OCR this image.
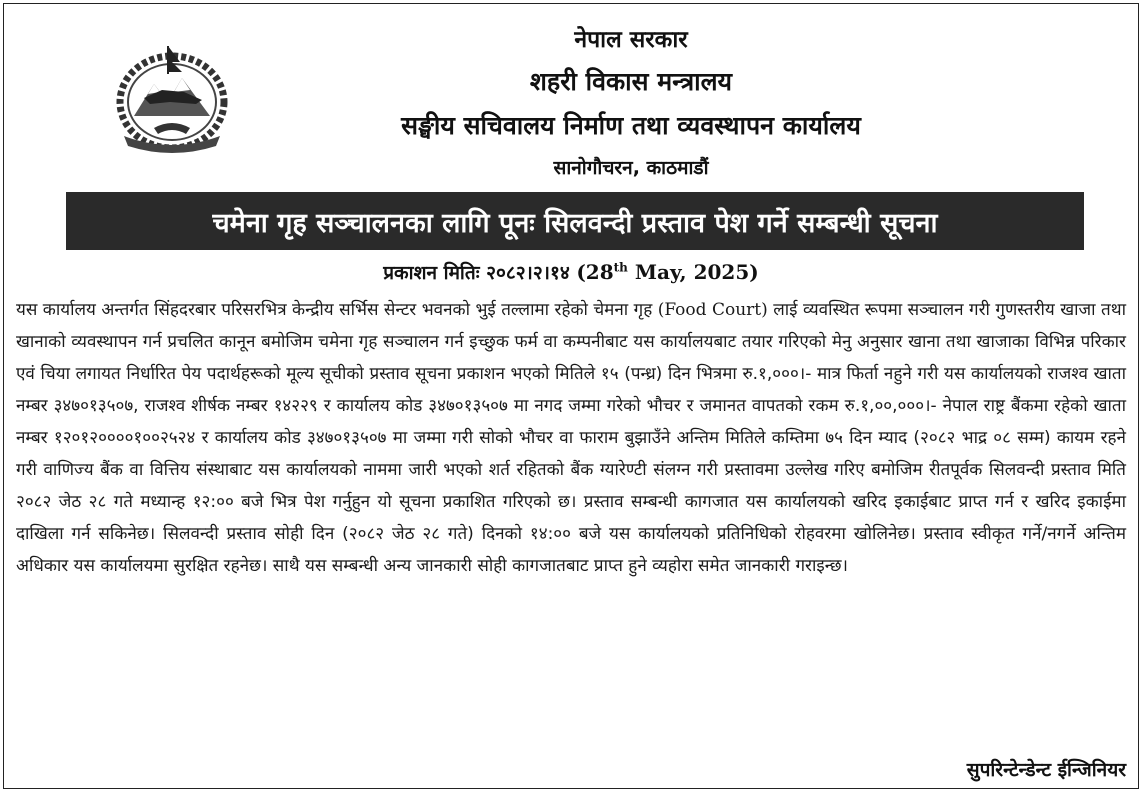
नेपाल सरकार
शहरी विकास मन्त्रालय
सङ्घीय सचिवालय निर्माण तथा व्यवस्थापन कार्यालय
सानोगौचरन, काठमाडौं
चमेना गृह सञ्चालनका लागि पूनः सिलवन्दी प्रस्ताव पेश गर्ने सम्बन्धी सूचना
प्रकाशन मितिः २०८२।२।१४ (28th May, 2025)
यस कार्यालय अन्तर्गत सिंहदरबार परिसरभित्र केन्द्रीय सर्भिस सेन्टर भवनको भुई तल्लामा रहेको चेमना गृह (Food Court) लाई व्यवस्थित रूपमा सञ्चालन गरी गुणस्तरीय खाजा तथा खानाको व्यवस्थापन गर्न प्रचलित कानून बमोजिम चमेना गृह सञ्चालन गर्न इच्छुक फर्म वा कम्पनीबाट यस कार्यालयबाट तयार गरिएको मेनु अनुसार खाना तथा खाजाका विभिन्न परिकार एवं चिया लगायत निर्धारित पेय पदार्थहरूको मूल्य सूचीको प्रस्ताव सूचना प्रकाशन भएको मितिले १५ (पन्ध्र) दिन भित्रमा रु.१,०००।- मात्र फिर्ता नहुने गरी यस कार्यालयको राजश्व खाता नम्बर ३४७०१३५०७, राजश्व शीर्षक नम्बर १४२२९ र कार्यालय कोड ३४७०१३५०७ मा नगद जम्मा गरेको भौचर र जमानत वापतको रकम रु.१,००,०००।- नेपाल राष्ट्र बैंकमा रहेको खाता नम्बर १२०१२००००१००२५२४ र कार्यालय कोड ३४७०१३५०७ मा जम्मा गरी सोको भौचर वा फाराम बुझाउँने अन्तिम मितिले कम्तिमा ७५ दिन म्याद (२०८२ भाद्र ०८ सम्म) कायम रहने गरी वाणिज्य बैंक वा वित्तिय संस्थाबाट यस कार्यालयको नाममा जारी भएको शर्त रहितको बैंक ग्यारेण्टी संलग्न गरी प्रस्तावमा उल्लेख गरिए बमोजिम रीतपूर्वक सिलवन्दी प्रस्ताव मिति २०८२ जेठ २८ गते मध्यान्ह १२:०० बजे भित्र पेश गर्नुहुन यो सूचना प्रकाशित गरिएको छ। प्रस्ताव सम्बन्धी कागजात यस कार्यालयको खरिद इकाईबाट प्राप्त गर्न र खरिद इकाईमा दाखिला गर्न सकिनेछ। सिलवन्दी प्रस्ताव सोही दिन (२०८२ जेठ २८ गते) दिनको १४:०० बजे यस कार्यालयको प्रतिनिधिको रोहवरमा खोलिनेछ। प्रस्ताव स्वीकृत गर्ने/नगर्ने अन्तिम अधिकार यस कार्यालयमा सुरक्षित रहनेछ। साथै यस सम्बन्धी अन्य जानकारी सोही कागजातबाट प्राप्त हुने व्यहोरा समेत जानकारी गराइन्छ।
सुपरिन्टेन्डेन्ट ईन्जिनियर
